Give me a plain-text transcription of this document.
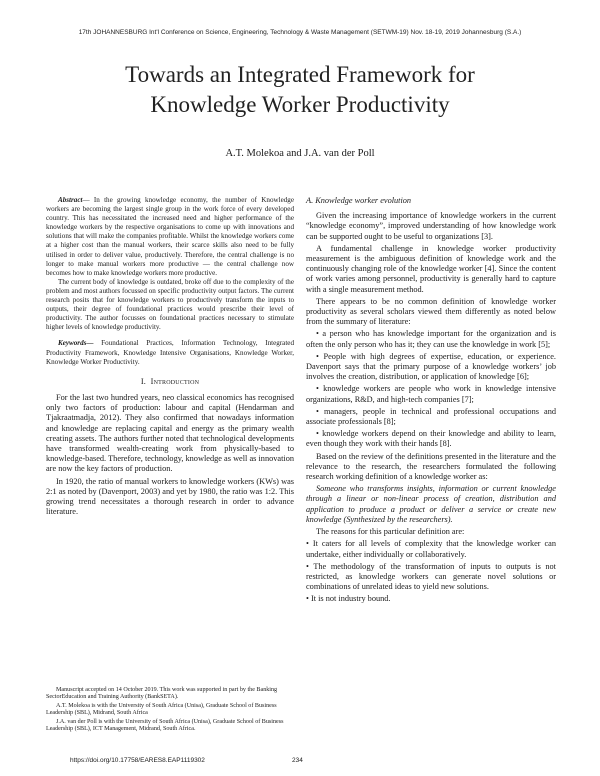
17th JOHANNESBURG Int'l Conference on Science, Engineering, Technology & Waste Management (SETWM-19) Nov. 18-19, 2019 Johannesburg (S.A.)
Towards an Integrated Framework for
Knowledge Worker Productivity
A.T. Molekoa and J.A. van der Poll

Abstract— In the growing knowledge economy, the number of Knowledge workers are becoming the largest single group in the work force of every developed country. This has necessitated the increased need and higher performance of the knowledge workers by the respective organisations to come up with innovations and solutions that will make the companies profitable. Whilst the knowledge workers come at a higher cost than the manual workers, their scarce skills also need to be fully utilised in order to deliver value, productively. Therefore, the central challenge is no longer to make manual workers more productive — the central challenge now becomes how to make knowledge workers more productive.

The current body of knowledge is outdated, broke off due to the complexity of the problem and most authors focussed on specific productivity output factors. The current research posits that for knowledge workers to productively transform the inputs to outputs, their degree of foundational practices would prescribe their level of productivity. The author focusses on foundational practices necessary to stimulate higher levels of knowledge productivity.

Keywords— Foundational Practices, Information Technology, Integrated Productivity Framework, Knowledge Intensive Organisations, Knowledge Worker, Knowledge Worker Productivity.

I. Introduction

For the last two hundred years, neo classical economics has recognised only two factors of production: labour and capital (Hendarman and Tjakraatmadja, 2012). They also confirmed that nowadays information and knowledge are replacing capital and energy as the primary wealth creating assets. The authors further noted that technological developments have transformed wealth-creating work from physically-based to knowledge-based. Therefore, technology, knowledge as well as innovation are now the key factors of production.

In 1920, the ratio of manual workers to knowledge workers (KWs) was 2:1 as noted by (Davenport, 2003) and yet by 1980, the ratio was 1:2. This growing trend necessitates a thorough research in order to advance literature.

Manuscript accepted on 14 October 2019. This work was supported in part by the Banking SectorEducation and Training Authority (BankSETA).

A.T. Molekoa is with the University of South Africa (Unisa), Graduate School of Business Leadership (SBL), Midrand, South Africa

J.A. van der Poll is with the University of South Africa (Unisa), Graduate School of Business Leadership (SBL), ICT Management, Midrand, South Africa.

A. Knowledge worker evolution

Given the increasing importance of knowledge workers in the current “knowledge economy”, improved understanding of how knowledge work can be supported ought to be useful to organizations [3].

A fundamental challenge in knowledge worker productivity measurement is the ambiguous definition of knowledge work and the continuously changing role of the knowledge worker [4]. Since the content of work varies among personnel, productivity is generally hard to capture with a single measurement method.

There appears to be no common definition of knowledge worker productivity as several scholars viewed them differently as noted below from the summary of literature:

• a person who has knowledge important for the organization and is often the only person who has it; they can use the knowledge in work [5];

• People with high degrees of expertise, education, or experience. Davenport says that the primary purpose of a knowledge workers’ job involves the creation, distribution, or application of knowledge [6];

• knowledge workers are people who work in knowledge intensive organizations, R&D, and high-tech companies [7];

• managers, people in technical and professional occupations and associate professionals [8];

• knowledge workers depend on their knowledge and ability to learn, even though they work with their hands [8].

Based on the review of the definitions presented in the literature and the relevance to the research, the researchers formulated the following research working definition of a knowledge worker as:

Someone who transforms insights, information or current knowledge through a linear or non-linear process of creation, distribution and application to produce a product or deliver a service or create new knowledge (Synthesized by the researchers).

The reasons for this particular definition are:

• It caters for all levels of complexity that the knowledge worker can undertake, either individually or collaboratively.

• The methodology of the transformation of inputs to outputs is not restricted, as knowledge workers can generate novel solutions or combinations of unrelated ideas to yield new solutions.

• It is not industry bound.

https://doi.org/10.17758/EARES8.EAP1119302	234
